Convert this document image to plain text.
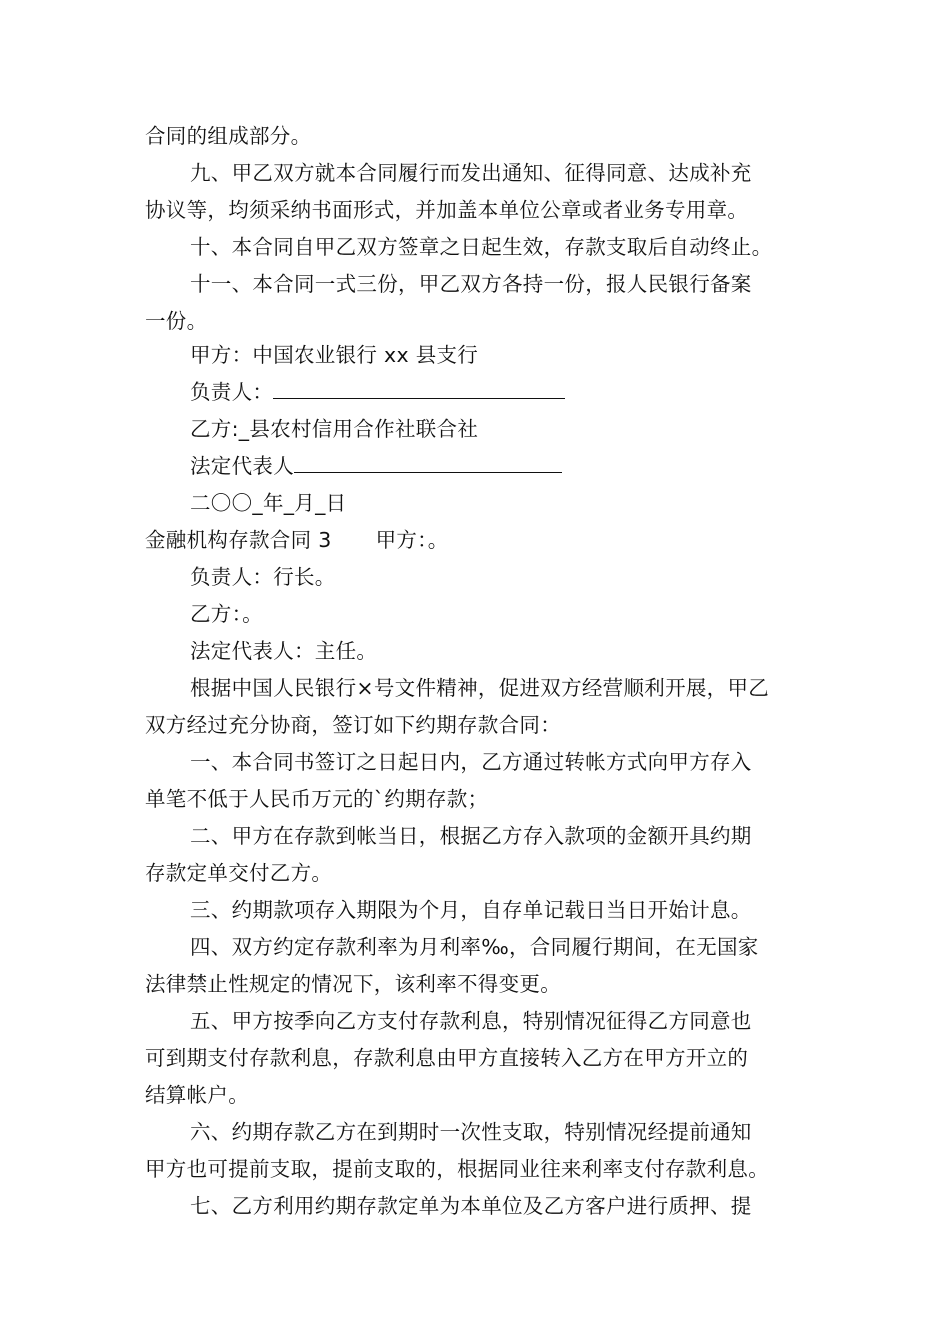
合同的组成部分。
九、甲乙双方就本合同履行而发出通知、征得同意、达成补充
协议等，均须采纳书面形式，并加盖本单位公章或者业务专用章。
十、本合同自甲乙双方签章之日起生效，存款支取后自动终止。
十一、本合同一式三份，甲乙双方各持一份，报人民银行备案
一份。
甲方：中国农业银行 xx 县支行
负责人：
乙方:_县农村信用合作社联合社
法定代表人
二〇〇_年_月_日
金融机构存款合同 3 甲方：。
负责人：行长。
乙方：。
法定代表人：主任。
根据中国人民银行×号文件精神，促进双方经营顺利开展，甲乙
双方经过充分协商，签订如下约期存款合同：
一、本合同书签订之日起日内，乙方通过转帐方式向甲方存入
单笔不低于人民币万元的`约期存款；
二、甲方在存款到帐当日，根据乙方存入款项的金额开具约期
存款定单交付乙方。
三、约期款项存入期限为个月，自存单记载日当日开始计息。
四、双方约定存款利率为月利率‰，合同履行期间，在无国家
法律禁止性规定的情况下，该利率不得变更。
五、甲方按季向乙方支付存款利息，特别情况征得乙方同意也
可到期支付存款利息，存款利息由甲方直接转入乙方在甲方开立的
结算帐户。
六、约期存款乙方在到期时一次性支取，特别情况经提前通知
甲方也可提前支取，提前支取的，根据同业往来利率支付存款利息。
七、乙方利用约期存款定单为本单位及乙方客户进行质押、提
